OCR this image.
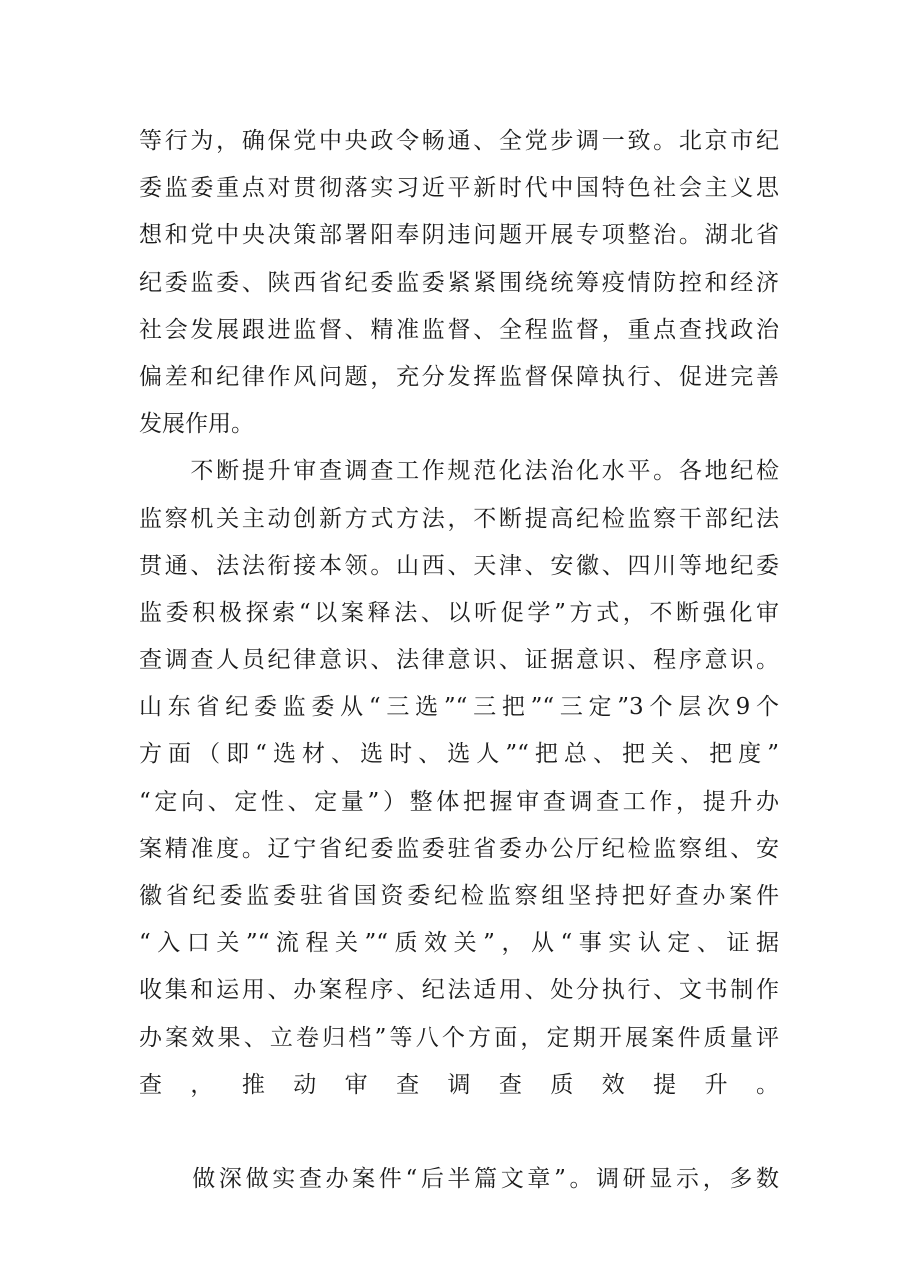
等行为，确保党中央政令畅通、全党步调一致。北京市纪
委监委重点对贯彻落实习近平新时代中国特色社会主义思
想和党中央决策部署阳奉阴违问题开展专项整治。湖北省
纪委监委、陕西省纪委监委紧紧围绕统筹疫情防控和经济
社会发展跟进监督、精准监督、全程监督，重点查找政治
偏差和纪律作风问题，充分发挥监督保障执行、促进完善
发展作用。
　　不断提升审查调查工作规范化法治化水平。各地纪检
监察机关主动创新方式方法，不断提高纪检监察干部纪法
贯通、法法衔接本领。山西、天津、安徽、四川等地纪委
监委积极探索“以案释法、以听促学”方式，不断强化审
查调查人员纪律意识、法律意识、证据意识、程序意识。
山东省纪委监委从“三选”“三把”“三定”3个层次9个
方面（即“选材、选时、选人”“把总、把关、把度”
“定向、定性、定量”）整体把握审查调查工作，提升办
案精准度。辽宁省纪委监委驻省委办公厅纪检监察组、安
徽省纪委监委驻省国资委纪检监察组坚持把好查办案件
“入口关”“流程关”“质效关”，从“事实认定、证据
收集和运用、办案程序、纪法适用、处分执行、文书制作
办案效果、立卷归档”等八个方面，定期开展案件质量评
查，推动审查调查质效提升。
　　做深做实查办案件“后半篇文章”。调研显示，多数
